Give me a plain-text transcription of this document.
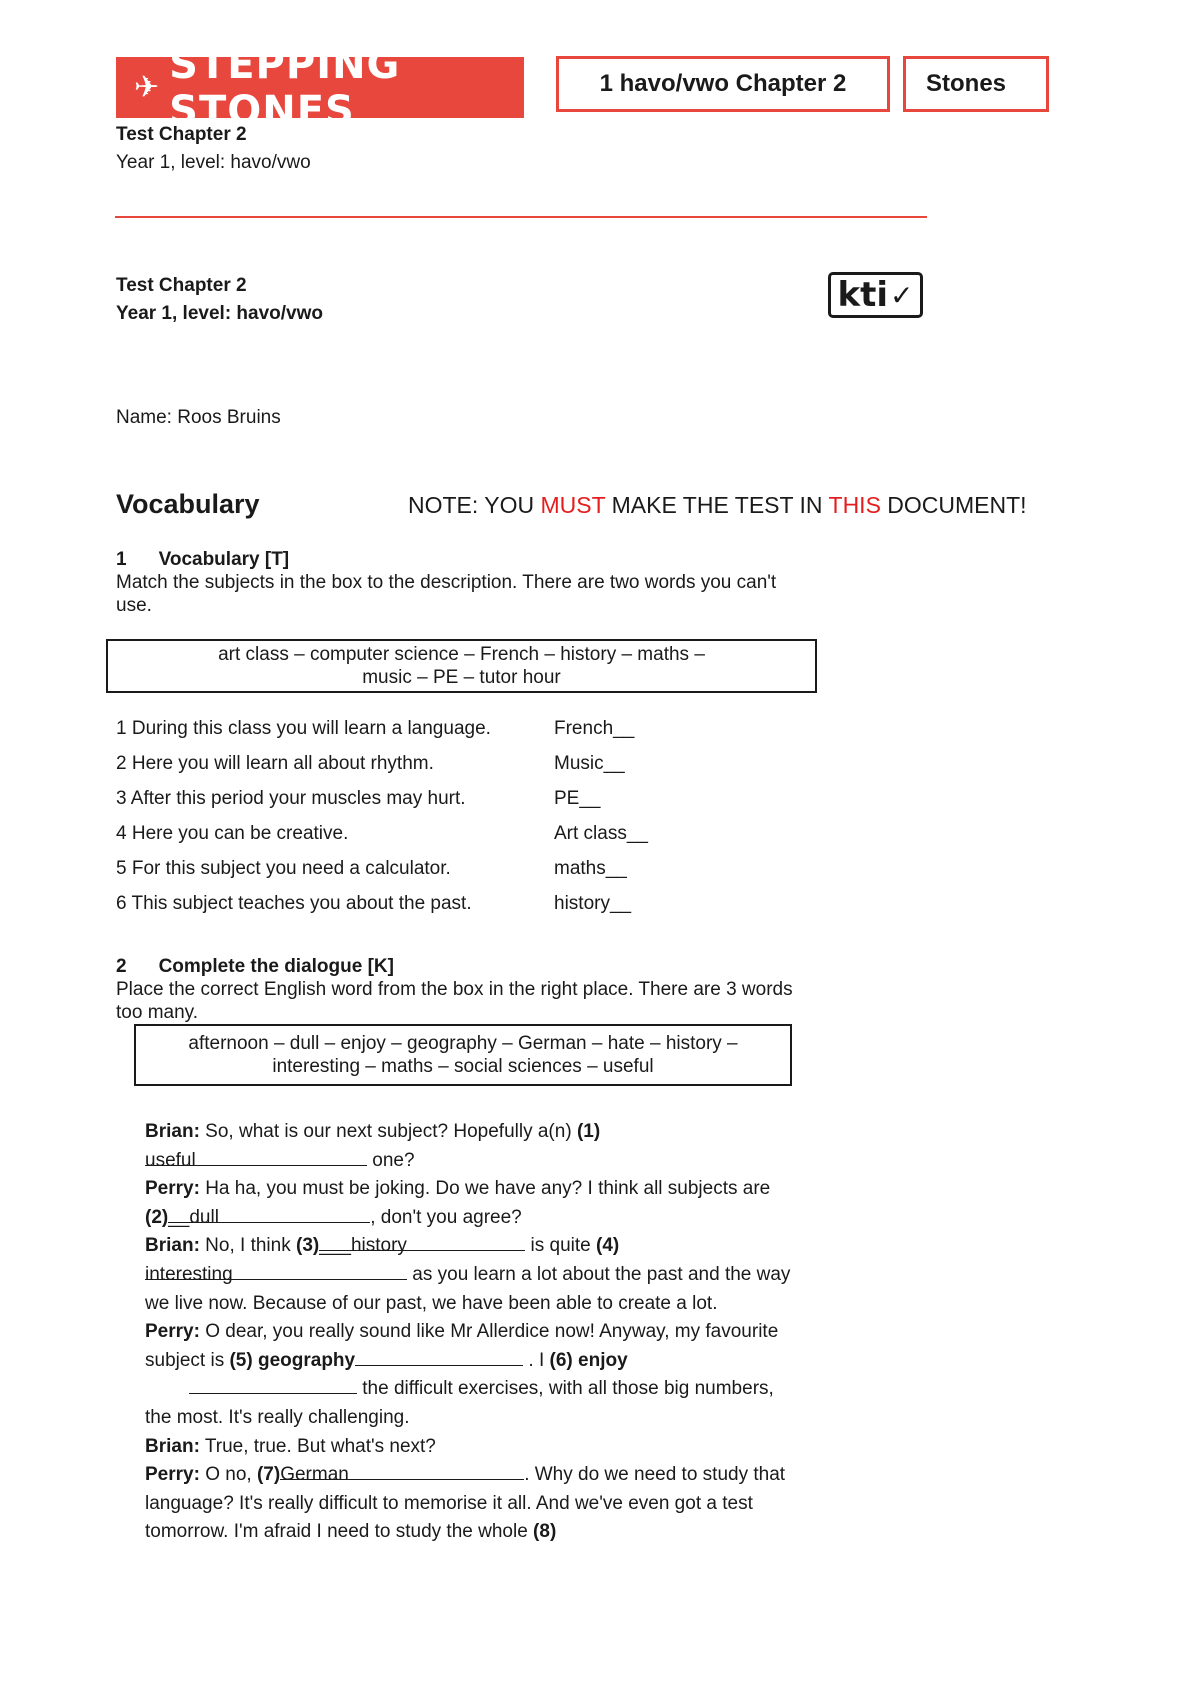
✈ STEPPING STONES
1 havo/vwo Chapter 2	Stones
Test Chapter 2
Year 1, level: havo/vwo
Test Chapter 2
Year 1, level: havo/vwo	kti ✓
Name: Roos Bruins
Vocabulary	NOTE: YOU MUST MAKE THE TEST IN THIS DOCUMENT!
1 Vocabulary [T]
Match the subjects in the box to the description. There are two words you can't use.
art class – computer science – French – history – maths –
music – PE – tutor hour
1 During this class you will learn a language.	French__
2 Here you will learn all about rhythm.	Music__
3 After this period your muscles may hurt.	PE__
4 Here you can be creative.	Art class__
5 For this subject you need a calculator.	maths__
6 This subject teaches you about the past.	history__
2 Complete the dialogue [K]
Place the correct English word from the box in the right place. There are 3 words too many.
afternoon – dull – enjoy – geography – German – hate – history –
interesting – maths – social sciences – useful

Brian: So, what is our next subject? Hopefully a(n) (1)
useful	one?

Perry: Ha ha, you must be joking. Do we have any? I think all subjects are (2)__dull	, don't you agree?

Brian: No, I think (3)___history	is quite (4) interesting	as you learn a lot about the past and the way we live now. Because of our past, we have been able to create a lot.

Perry: O dear, you really sound like Mr Allerdice now! Anyway, my favourite subject is (5) geography	. I (6) enjoy
the difficult exercises, with all those big numbers, the most. It's really challenging.

Brian: True, true. But what's next?

Perry: O no, (7)German	. Why do we need to study that language? It's really difficult to memorise it all. And we've even got a test tomorrow. I'm afraid I need to study the whole (8)
